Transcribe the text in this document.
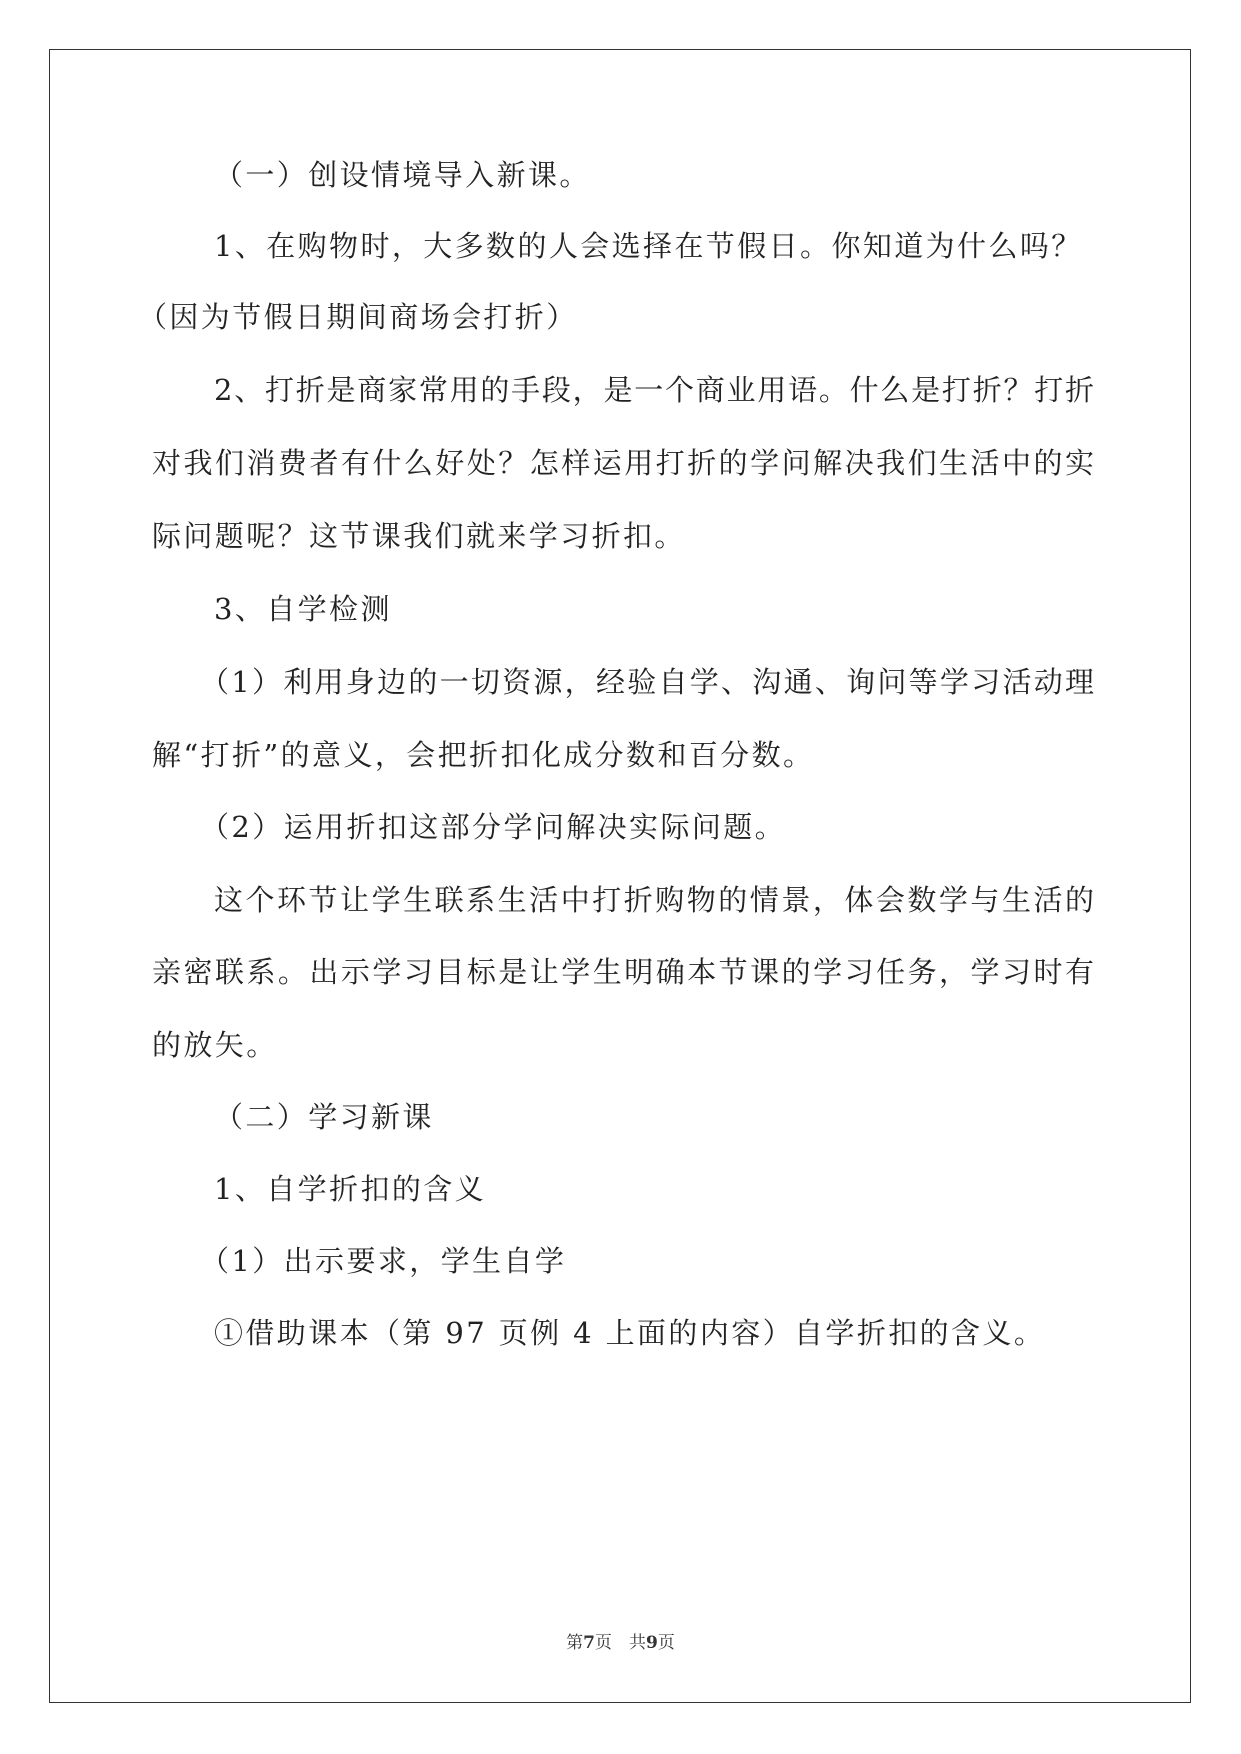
（一）创设情境导入新课。
1、在购物时，大多数的人会选择在节假日。你知道为什么吗？
（因为节假日期间商场会打折）
2、打折是商家常用的手段，是一个商业用语。什么是打折？打折
对我们消费者有什么好处？怎样运用打折的学问解决我们生活中的实
际问题呢？这节课我们就来学习折扣。
3、自学检测
（1）利用身边的一切资源，经验自学、沟通、询问等学习活动理
解“打折”的意义，会把折扣化成分数和百分数。
（2）运用折扣这部分学问解决实际问题。
这个环节让学生联系生活中打折购物的情景，体会数学与生活的
亲密联系。出示学习目标是让学生明确本节课的学习任务，学习时有
的放矢。
（二）学习新课
1、自学折扣的含义
（1）出示要求，学生自学
①借助课本（第 97 页例 4 上面的内容）自学折扣的含义。
第7页　共9页
